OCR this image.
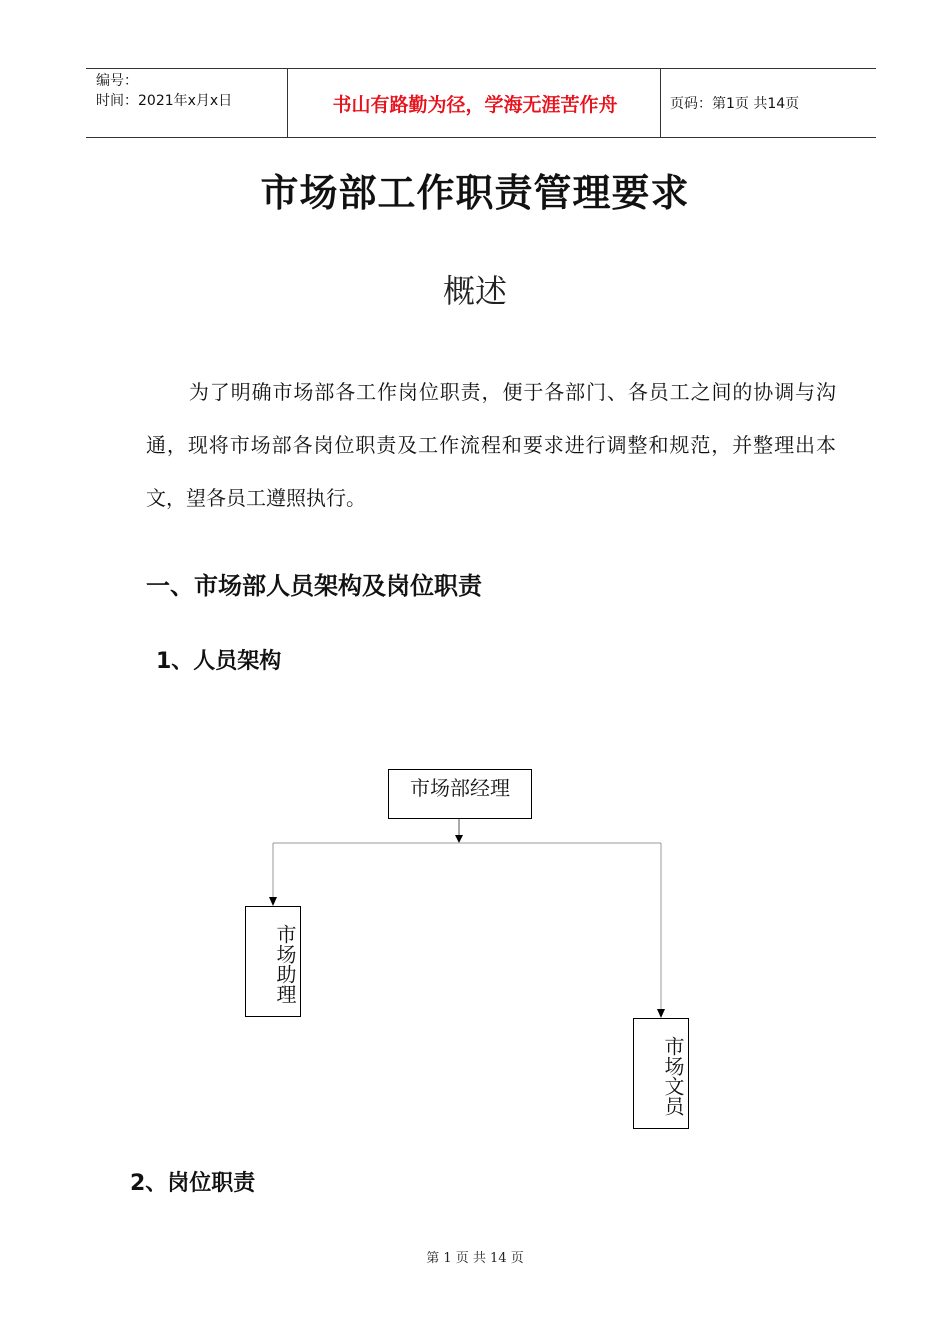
编号：
时间：2021年x月x日	书山有路勤为径，学海无涯苦作舟	页码：第1页 共14页
市场部工作职责管理要求
概述
为了明确市场部各工作岗位职责，便于各部门、各员工之间的协调与沟通，现将市场部各岗位职责及工作流程和要求进行调整和规范，并整理出本文，望各员工遵照执行。
一、市场部人员架构及岗位职责
1、人员架构
市场部经理
市场助理
市场文员
2、岗位职责
第 1 页 共 14 页
